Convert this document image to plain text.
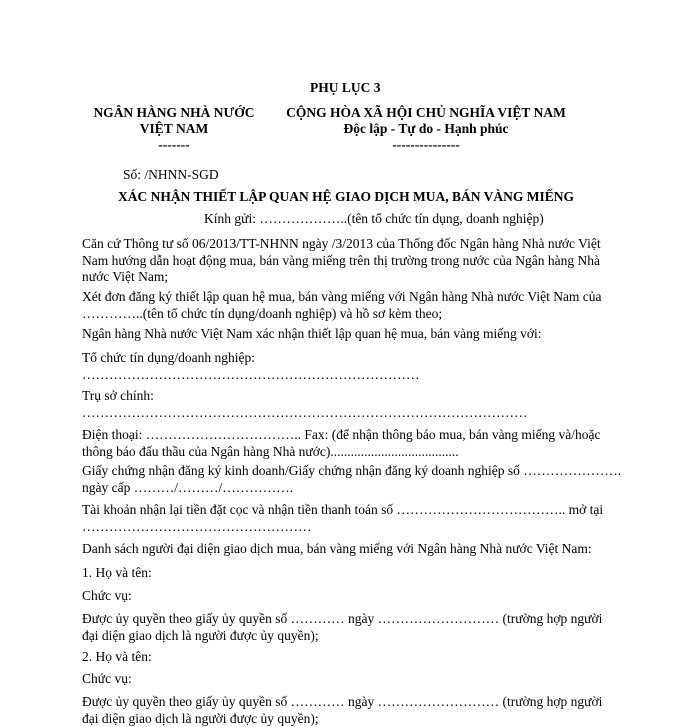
PHỤ LỤC 3
NGÂN HÀNG NHÀ NƯỚC
VIỆT NAM
-------
CỘNG HÒA XÃ HỘI CHỦ NGHĨA VIỆT NAM
Độc lập - Tự do - Hạnh phúc
---------------
Số: /NHNN-SGD
XÁC NHẬN THIẾT LẬP QUAN HỆ GIAO DỊCH MUA, BÁN VÀNG MIẾNG
Kính gửi: ………………..(tên tổ chức tín dụng, doanh nghiệp)
Căn cứ Thông tư số 06/2013/TT-NHNN ngày /3/2013 của Thống đốc Ngân hàng Nhà nước Việt Nam hướng dẫn hoạt động mua, bán vàng miếng trên thị trường trong nước của Ngân hàng Nhà nước Việt Nam;
Xét đơn đăng ký thiết lập quan hệ mua, bán vàng miếng với Ngân hàng Nhà nước Việt Nam của …………..(tên tổ chức tín dụng/doanh nghiệp) và hồ sơ kèm theo;
Ngân hàng Nhà nước Việt Nam xác nhận thiết lập quan hệ mua, bán vàng miếng với:
Tổ chức tín dụng/doanh nghiệp:
…………………………………………………………………
Trụ sở chính:
………………………………………………………………………………………
Điện thoại: …………………………….. Fax: (để nhận thông báo mua, bán vàng miếng và/hoặc thông báo đấu thầu của Ngân hàng Nhà nước)......................................
Giấy chứng nhận đăng ký kinh doanh/Giấy chứng nhận đăng ký doanh nghiệp số …………………. ngày cấp ………/………/…………….
Tài khoản nhận lại tiền đặt cọc và nhận tiền thanh toán số ……………………………….. mở tại ……………………………………………
Danh sách người đại diện giao dịch mua, bán vàng miếng với Ngân hàng Nhà nước Việt Nam:
1. Họ và tên:
Chức vụ:
Được ủy quyền theo giấy ủy quyền số ………… ngày ……………………… (trường hợp người đại diện giao dịch là người được ủy quyền);
2. Họ và tên:
Chức vụ:
Được ủy quyền theo giấy ủy quyền số ………… ngày ……………………… (trường hợp người đại diện giao dịch là người được ủy quyền);
